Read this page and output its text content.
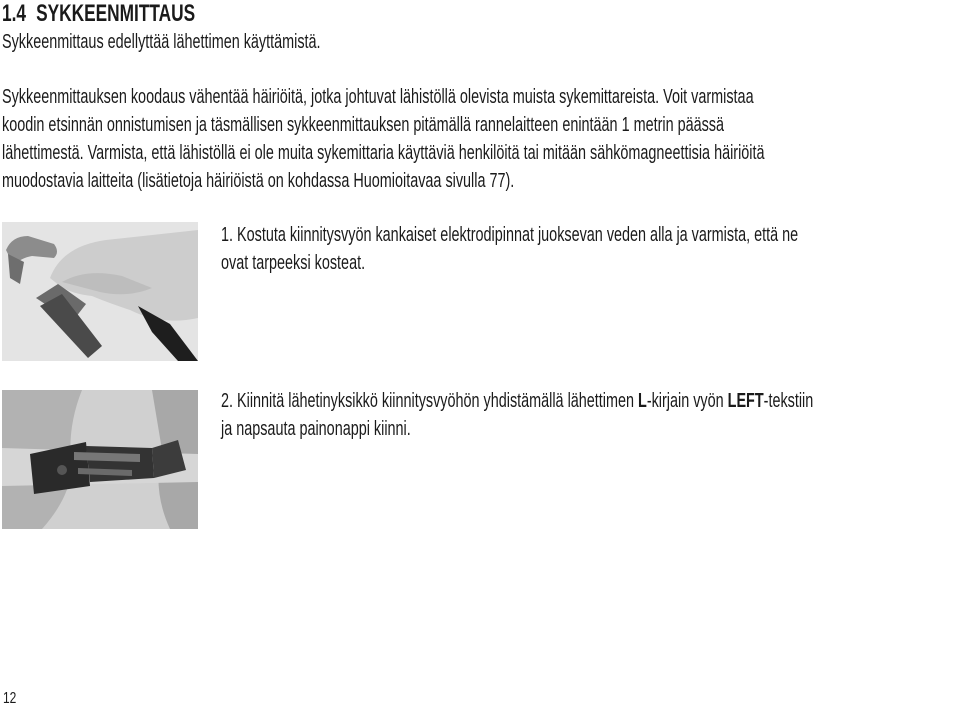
1.4 SYKKEENMITTAUS
Sykkeenmittaus edellyttää lähettimen käyttämistä.
Sykkeenmittauksen koodaus vähentää häiriöitä, jotka johtuvat lähistöllä olevista muista sykemittareista. Voit varmistaa
koodin etsinnän onnistumisen ja täsmällisen sykkeenmittauksen pitämällä rannelaitteen enintään 1 metrin päässä
lähettimestä. Varmista, että lähistöllä ei ole muita sykemittaria käyttäviä henkilöitä tai mitään sähkömagneettisia häiriöitä
muodostavia laitteita (lisätietoja häiriöistä on kohdassa Huomioitavaa sivulla 77).
1. Kostuta kiinnitysvyön kankaiset elektrodipinnat juoksevan veden alla ja varmista, että ne
ovat tarpeeksi kosteat.
2. Kiinnitä lähetinyksikkö kiinnitysvyöhön yhdistämällä lähettimen L-kirjain vyön LEFT-tekstiin
ja napsauta painonappi kiinni.
12
